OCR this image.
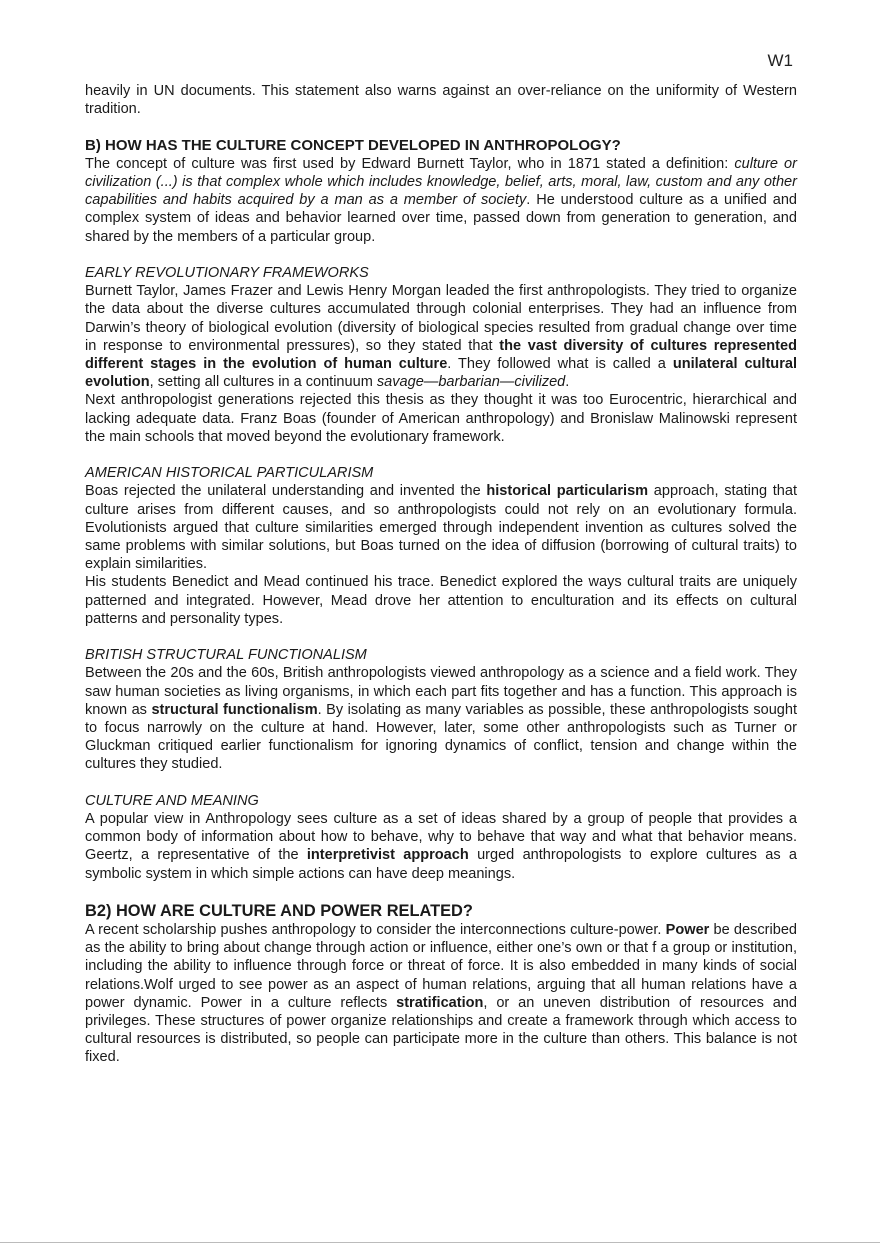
W1

heavily in UN documents. This statement also warns against an over-reliance on the uniformity of Western tradition.

B) HOW HAS THE CULTURE CONCEPT DEVELOPED IN ANTHROPOLOGY?

The concept of culture was first used by Edward Burnett Taylor, who in 1871 stated a definition: culture or civilization (...) is that complex whole which includes knowledge, belief, arts, moral, law, custom and any other capabilities and habits acquired by a man as a member of society. He understood culture as a unified and complex system of ideas and behavior learned over time, passed down from generation to generation, and shared by the members of a particular group.

EARLY REVOLUTIONARY FRAMEWORKS

Burnett Taylor, James Frazer and Lewis Henry Morgan leaded the first anthropologists. They tried to organize the data about the diverse cultures accumulated through colonial enterprises. They had an influence from Darwin’s theory of biological evolution (diversity of biological species resulted from gradual change over time in response to environmental pressures), so they stated that the vast diversity of cultures represented different stages in the evolution of human culture. They followed what is called a unilateral cultural evolution, setting all cultures in a continuum savage—barbarian—civilized.

Next anthropologist generations rejected this thesis as they thought it was too Eurocentric, hierarchical and lacking adequate data. Franz Boas (founder of American anthropology) and Bronislaw Malinowski represent the main schools that moved beyond the evolutionary framework.

AMERICAN HISTORICAL PARTICULARISM

Boas rejected the unilateral understanding and invented the historical particularism approach, stating that culture arises from different causes, and so anthropologists could not rely on an evolutionary formula. Evolutionists argued that culture similarities emerged through independent invention as cultures solved the same problems with similar solutions, but Boas turned on the idea of diffusion (borrowing of cultural traits) to explain similarities.

His students Benedict and Mead continued his trace. Benedict explored the ways cultural traits are uniquely patterned and integrated. However, Mead drove her attention to enculturation and its effects on cultural patterns and personality types.

BRITISH STRUCTURAL FUNCTIONALISM

Between the 20s and the 60s, British anthropologists viewed anthropology as a science and a field work. They saw human societies as living organisms, in which each part fits together and has a function. This approach is known as structural functionalism. By isolating as many variables as possible, these anthropologists sought to focus narrowly on the culture at hand. However, later, some other anthropologists such as Turner or Gluckman critiqued earlier functionalism for ignoring dynamics of conflict, tension and change within the cultures they studied.

CULTURE AND MEANING

A popular view in Anthropology sees culture as a set of ideas shared by a group of people that provides a common body of information about how to behave, why to behave that way and what that behavior means. Geertz, a representative of the interpretivist approach urged anthropologists to explore cultures as a symbolic system in which simple actions can have deep meanings.

B2) HOW ARE CULTURE AND POWER RELATED?

A recent scholarship pushes anthropology to consider the interconnections culture-power. Power be described as the ability to bring about change through action or influence, either one’s own or that f a group or institution, including the ability to influence through force or threat of force. It is also embedded in many kinds of social relations.Wolf urged to see power as an aspect of human relations, arguing that all human relations have a power dynamic. Power in a culture reflects stratification, or an uneven distribution of resources and privileges. These structures of power organize relationships and create a framework through which access to cultural resources is distributed, so people can participate more in the culture than others. This balance is not fixed.
